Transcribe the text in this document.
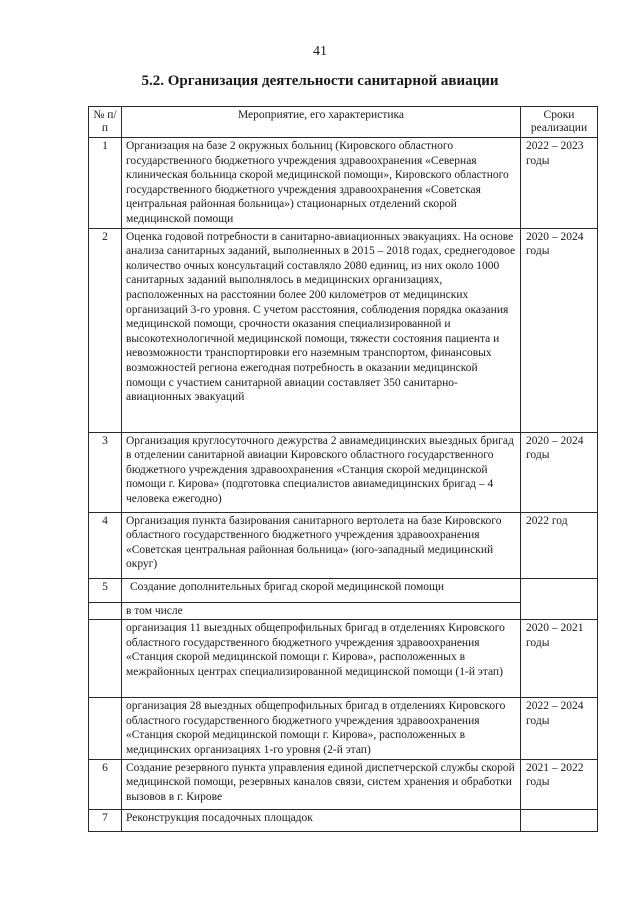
41
5.2. Организация деятельности санитарной авиации
№ п/п	Мероприятие, его характеристика	Сроки реализации
1	Организация на базе 2 окружных больниц (Кировского областного государственного бюджетного учреждения здравоохранения «Северная клиническая больница скорой медицинской помощи», Кировского областного государственного бюджетного учреждения здравоохранения «Советская центральная районная больница») стационарных отделений скорой медицинской помощи	2022 – 2023 годы
2	Оценка годовой потребности в санитарно-авиационных эвакуациях. На основе анализа санитарных заданий, выполненных в 2015 – 2018 годах, среднегодовое количество очных консультаций составляло 2080 единиц, из них около 1000 санитарных заданий выполнялось в медицинских организациях, расположенных на расстоянии более 200 километров от медицинских организаций 3-го уровня. С учетом расстояния, соблюдения порядка оказания медицинской помощи, срочности оказания специализированной и высокотехнологичной медицинской помощи, тяжести состояния пациента и невозможности транспортировки его наземным транспортом, финансовых возможностей региона ежегодная потребность в оказании медицинской помощи с участием санитарной авиации составляет 350 санитарно-авиационных эвакуаций	2020 – 2024 годы
3	Организация круглосуточного дежурства 2 авиамедицинских выездных бригад в отделении санитарной авиации Кировского областного государственного бюджетного учреждения здравоохранения «Станция скорой медицинской помощи г. Кирова» (подготовка специалистов авиамедицинских бригад – 4 человека ежегодно)	2020 – 2024 годы
4	Организация пункта базирования санитарного вертолета на базе Кировского областного государственного бюджетного учреждения здравоохранения «Советская центральная районная больница» (юго-западный медицинский округ)	2022 год
5	Создание дополнительных бригад скорой медицинской помощи	
	в том числе	
	организация 11 выездных общепрофильных бригад в отделениях Кировского областного государственного бюджетного учреждения здравоохранения «Станция скорой медицинской помощи г. Кирова», расположенных в межрайонных центрах специализированной медицинской помощи (1-й этап)	2020 – 2021 годы
	организация 28 выездных общепрофильных бригад в отделениях Кировского областного государственного бюджетного учреждения здравоохранения «Станция скорой медицинской помощи г. Кирова», расположенных в медицинских организациях 1-го уровня (2-й этап)	2022 – 2024 годы
6	Создание резервного пункта управления единой диспетчерской службы скорой медицинской помощи, резервных каналов связи, систем хранения и обработки вызовов в г. Кирове	2021 – 2022 годы
7	Реконструкция посадочных площадок	
